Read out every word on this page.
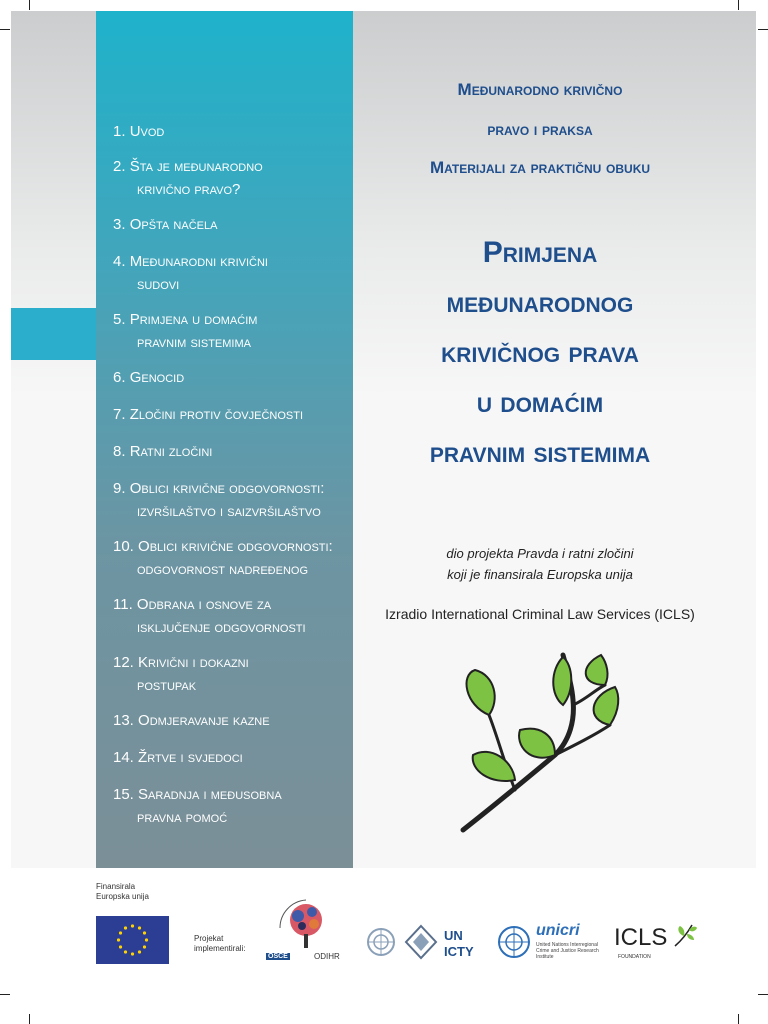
1. Uvod
2. Šta je međunarodno
krivično pravo?
3. Opšta načela
4. Međunarodni krivični
sudovi
5. Primjena u domaćim
pravnim sistemima
6. Genocid
7. Zločini protiv čovječnosti
8. Ratni zločini
9. Oblici krivične odgovornosti:
izvršilaštvo i saizvršilaštvo
10. Oblici krivične odgovornosti:
odgovornost nadređenog
11. Odbrana i osnove za
isključenje odgovornosti
12. Krivični i dokazni
postupak
13. Odmjeravanje kazne
14. Žrtve i svjedoci
15. Saradnja i međusobna
pravna pomoć
Međunarodno krivično
pravo i praksa
Materijali za praktičnu obuku
Primjena
međunarodnog
krivičnog prava
u domaćim
pravnim sistemima
dio projekta Pravda i ratni zločini
koji je finansirala Europska unija
Izradio International Criminal Law Services (ICLS)
Finansirala
Europska unija
Projekat
implementirali:
OSCE	ODIHR
UN
ICTY
unicri
United Nations Interregional Crime and Justice Research Institute
ICLS
FOUNDATION
